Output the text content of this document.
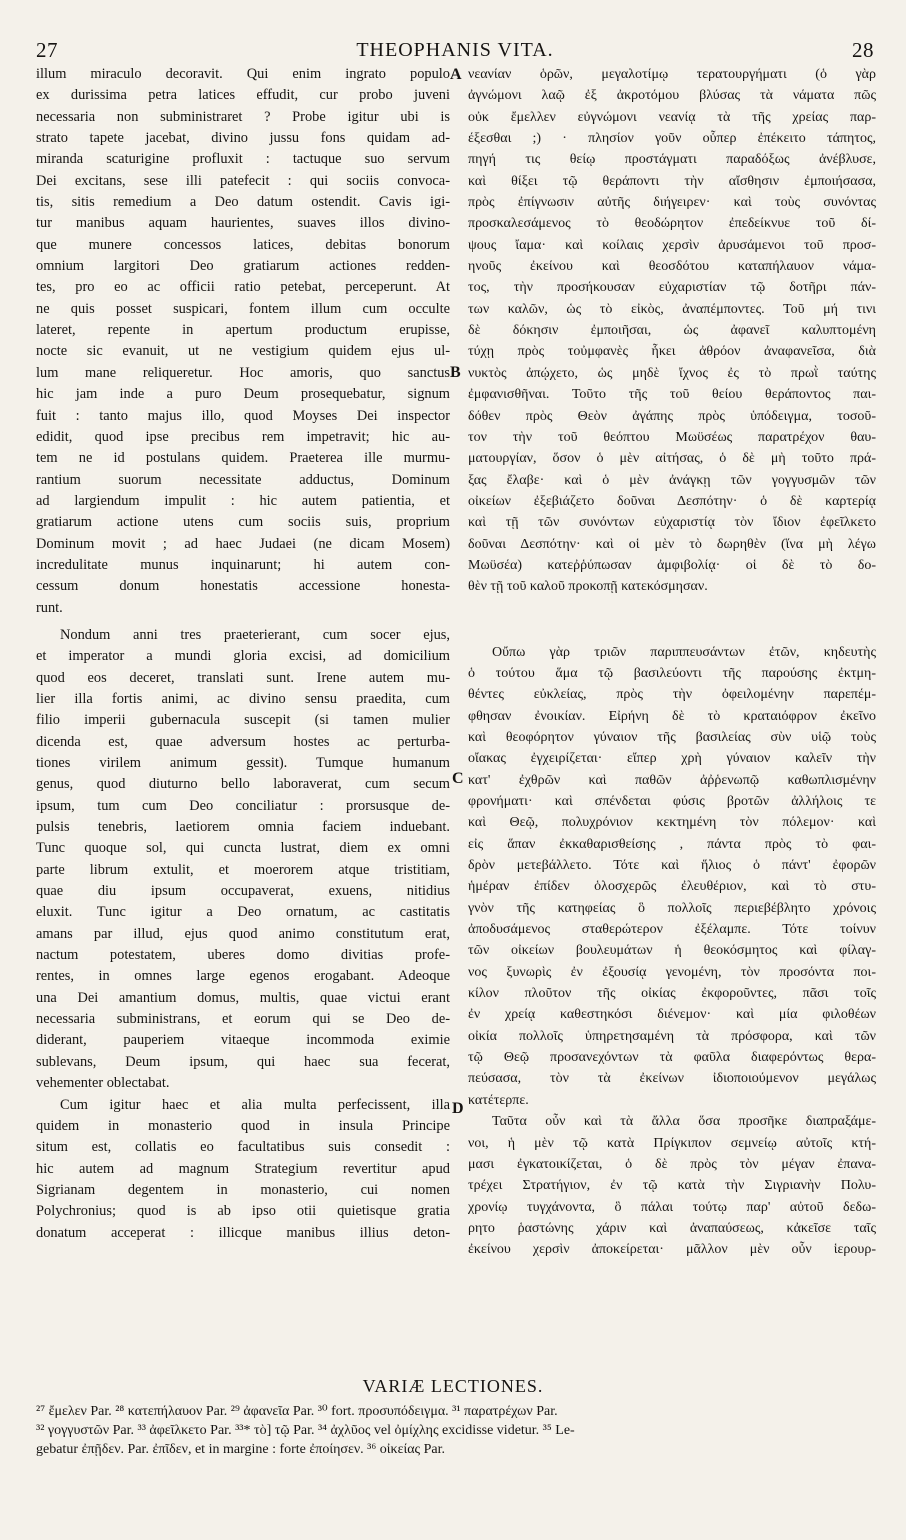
27	THEOPHANIS VITA.	28
illum miraculo decoravit. Qui enim ingrato populo
ex durissima petra latices effudit, cur probo juveni
necessaria non subministraret ? Probe igitur ubi is
strato tapete jacebat, divino jussu fons quidam ad-
miranda scaturigine profluxit : tactuque suo servum
Dei excitans, sese illi patefecit : qui sociis convoca-
tis, sitis remedium a Deo datum ostendit. Cavis igi-
tur manibus aquam haurientes, suaves illos divino-
que munere concessos latices, debitas bonorum
omnium largitori Deo gratiarum actiones redden-
tes, pro eo ac officii ratio petebat, perceperunt. At
ne quis posset suspicari, fontem illum cum occulte
lateret, repente in apertum productum erupisse,
nocte sic evanuit, ut ne vestigium quidem ejus ul-
lum mane reliqueretur. Hoc amoris, quo sanctus
hic jam inde a puro Deum prosequebatur, signum
fuit : tanto majus illo, quod Moyses Dei inspector
edidit, quod ipse precibus rem impetravit; hic au-
tem ne id postulans quidem. Praeterea ille murmu-
rantium suorum necessitate adductus, Dominum
ad largiendum impulit : hic autem patientia, et
gratiarum actione utens cum sociis suis, proprium
Dominum movit ; ad haec Judaei (ne dicam Mosem)
incredulitate munus inquinarunt; hi autem con-
cessum donum honestatis accessione honesta-
runt.
Nondum anni tres praeterierant, cum socer ejus,
et imperator a mundi gloria excisi, ad domicilium
quod eos deceret, translati sunt. Irene autem mu-
lier illa fortis animi, ac divino sensu praedita, cum
filio imperii gubernacula suscepit (si tamen mulier
dicenda est, quae adversum hostes ac perturba-
tiones virilem animum gessit). Tumque humanum
genus, quod diuturno bello laboraverat, cum secum
ipsum, tum cum Deo conciliatur : prorsusque de-
pulsis tenebris, laetiorem omnia faciem induebant.
Tunc quoque sol, qui cuncta lustrat, diem ex omni
parte librum extulit, et moerorem atque tristitiam,
quae diu ipsum occupaverat, exuens, nitidius
eluxit. Tunc igitur a Deo ornatum, ac castitatis
amans par illud, ejus quod animo constitutum erat,
nactum potestatem, uberes domo divitias profe-
rentes, in omnes large egenos erogabant. Adeoque
una Dei amantium domus, multis, quae victui erant
necessaria subministrans, et eorum qui se Deo de-
diderant, pauperiem vitaeque incommoda eximie
sublevans, Deum ipsum, qui haec sua fecerat,
vehementer oblectabat.
Cum igitur haec et alia multa perfecissent, illa
quidem in monasterio quod in insula Principe
situm est, collatis eo facultatibus suis consedit :
hic autem ad magnum Strategium revertitur apud
Sigrianam degentem in monasterio, cui nomen
Polychronius; quod is ab ipso otii quietisque gratia
donatum acceperat : illicque manibus illius deton-
νεανίαν ὁρῶν, μεγαλοτίμῳ τερατουργήματι (ὁ γὰρ
ἀγνώμονι λαῷ ἐξ ἀκροτόμου βλύσας τὰ νάματα πῶς
οὐκ ἔμελλεν εὐγνώμονι νεανίᾳ τὰ τῆς χρείας παρ-
έξεσθαι ;) · πλησίον γοῦν οὗπερ ἐπέκειτο τάπητος,
πηγή τις θείῳ προστάγματι παραδόξως ἀνέβλυσε,
καὶ θίξει τῷ θεράποντι τὴν αἴσθησιν ἐμποιήσασα,
πρὸς ἐπίγνωσιν αὐτῆς διήγειρεν· καὶ τοὺς συνόντας
προσκαλεσάμενος τὸ θεοδώρητον ἐπεδείκνυε τοῦ δί-
ψους ἴαμα· καὶ κοίλαις χερσὶν ἀρυσάμενοι τοῦ προσ-
ηνοῦς ἐκείνου καὶ θεοσδότου καταπήλαυον νάμα-
τος, τὴν προσήκουσαν εὐχαριστίαν τῷ δοτῆρι πάν-
των καλῶν, ὡς τὸ εἰκὸς, ἀναπέμποντες. Τοῦ μή τινι
δὲ δόκησιν ἐμποιῆσαι, ὡς ἀφανεῖ καλυπτομένη
τύχῃ πρὸς τοὐμφανὲς ἧκει ἀθρόον ἀναφανεῖσα, διὰ
νυκτὸς ἀπῴχετο, ὡς μηδὲ ἴχνος ἐς τὸ πρωῒ ταύτης
ἐμφανισθῆναι. Τοῦτο τῆς τοῦ θείου θεράποντος παι-
δόθεν πρὸς Θεὸν ἀγάπης πρὸς ὑπόδειγμα, τοσοῦ-
τον τὴν τοῦ θεόπτου Μωϋσέως παρατρέχον θαυ-
ματουργίαν, ὅσον ὁ μὲν αἰτήσας, ὁ δὲ μὴ τοῦτο πρά-
ξας ἔλαβε· καὶ ὁ μὲν ἀνάγκῃ τῶν γογγυσμῶν τῶν
οἰκείων ἐξεβιάζετο δοῦναι Δεσπότην· ὁ δὲ καρτερίᾳ
καὶ τῇ τῶν συνόντων εὐχαριστίᾳ τὸν ἴδιον ἐφεῖλκετο
δοῦναι Δεσπότην· καὶ οἱ μὲν τὸ δωρηθὲν (ἵνα μὴ λέγω
Μωϋσέα) κατεῤῥύπωσαν ἀμφιβολίᾳ· οἱ δὲ τὸ δο-
θὲν τῇ τοῦ καλοῦ προκοπῇ κατεκόσμησαν.
Οὔπω γὰρ τριῶν παριππευσάντων ἐτῶν, κηδευτὴς
ὁ τούτου ἅμα τῷ βασιλεύοντι τῆς παρούσης ἐκτμη-
θέντες εὐκλείας, πρὸς τὴν ὀφειλομένην παρεπέμ-
φθησαν ἐνοικίαν. Εἰρήνη δὲ τὸ κραταιόφρον ἐκεῖνο
καὶ θεοφόρητον γύναιον τῆς βασιλείας σὺν υἱῷ τοὺς
οἴακας ἐγχειρίζεται· εἴπερ χρὴ γύναιον καλεῖν τὴν
κατ' ἐχθρῶν καὶ παθῶν ἀῤῥενωπῷ καθωπλισμένην
φρονήματι· καὶ σπένδεται φύσις βροτῶν ἀλλήλοις τε
καὶ Θεῷ, πολυχρόνιον κεκτημένη τὸν πόλεμον· καὶ
εἰς ἅπαν ἐκκαθαρισθείσης , πάντα πρὸς τὸ φαι-
δρὸν μετεβάλλετο. Τότε καὶ ἥλιος ὁ πάντ' ἐφορῶν
ἡμέραν ἐπίδεν ὁλοσχερῶς ἐλευθέριον, καὶ τὸ στυ-
γνὸν τῆς κατηφείας ὃ πολλοῖς περιεβέβλητο χρόνοις
ἀποδυσάμενος σταθερώτερον ἐξέλαμπε. Τότε τοίνυν
τῶν οἰκείων βουλευμάτων ἡ θεοκόσμητος καὶ φίλαγ-
νος ξυνωρὶς ἐν ἐξουσίᾳ γενομένη, τὸν προσόντα ποι-
κίλον πλοῦτον τῆς οἰκίας ἐκφοροῦντες, πᾶσι τοῖς
ἐν χρείᾳ καθεστηκόσι διένεμον· καὶ μία φιλοθέων
οἰκία πολλοῖς ὑπηρετησαμένη τὰ πρόσφορα, καὶ τῶν
τῷ Θεῷ προσανεχόντων τὰ φαῦλα διαφερόντως θερα-
πεύσασα, τὸν τὰ ἐκείνων ἰδιοποιούμενον μεγάλως
κατέτερπε.
Ταῦτα οὖν καὶ τὰ ἄλλα ὅσα προσῆκε διαπραξάμε-
νοι, ἡ μὲν τῷ κατὰ Πρίγκιπον σεμνείῳ αὐτοῖς κτή-
μασι ἐγκατοικίζεται, ὁ δὲ πρὸς τὸν μέγαν ἐπανα-
τρέχει Στρατήγιον, ἐν τῷ κατὰ τὴν Σιγριανὴν Πολυ-
χρονίῳ τυγχάνοντα, ὃ πάλαι τούτῳ παρ' αὐτοῦ δεδω-
ρητο ῥαστώνης χάριν καὶ ἀναπαύσεως, κἀκεῖσε ταῖς
ἐκείνου χερσὶν ἀποκείρεται· μᾶλλον μὲν οὖν ἱερουρ-
A
B
C
D
VARIÆ LECTIONES.
²⁷ ἔμελεν Par. ²⁸ κατεπήλαυον Par. ²⁹ ἀφανεῖα Par. ³⁰ fort. προσυπόδειγμα. ³¹ παρατρέχων Par.
³² γογγυστῶν Par. ³³ ἀφεῖλκετο Par. ³³* τὸ] τῷ Par. ³⁴ ἀχλῦος vel ὀμίχλης excidisse videtur. ³⁵ Le-
gebatur ἐπῇδεν. Par. ἐπῖδεν, et in margine : forte ἐποίησεν. ³⁶ οἰκείας Par.
